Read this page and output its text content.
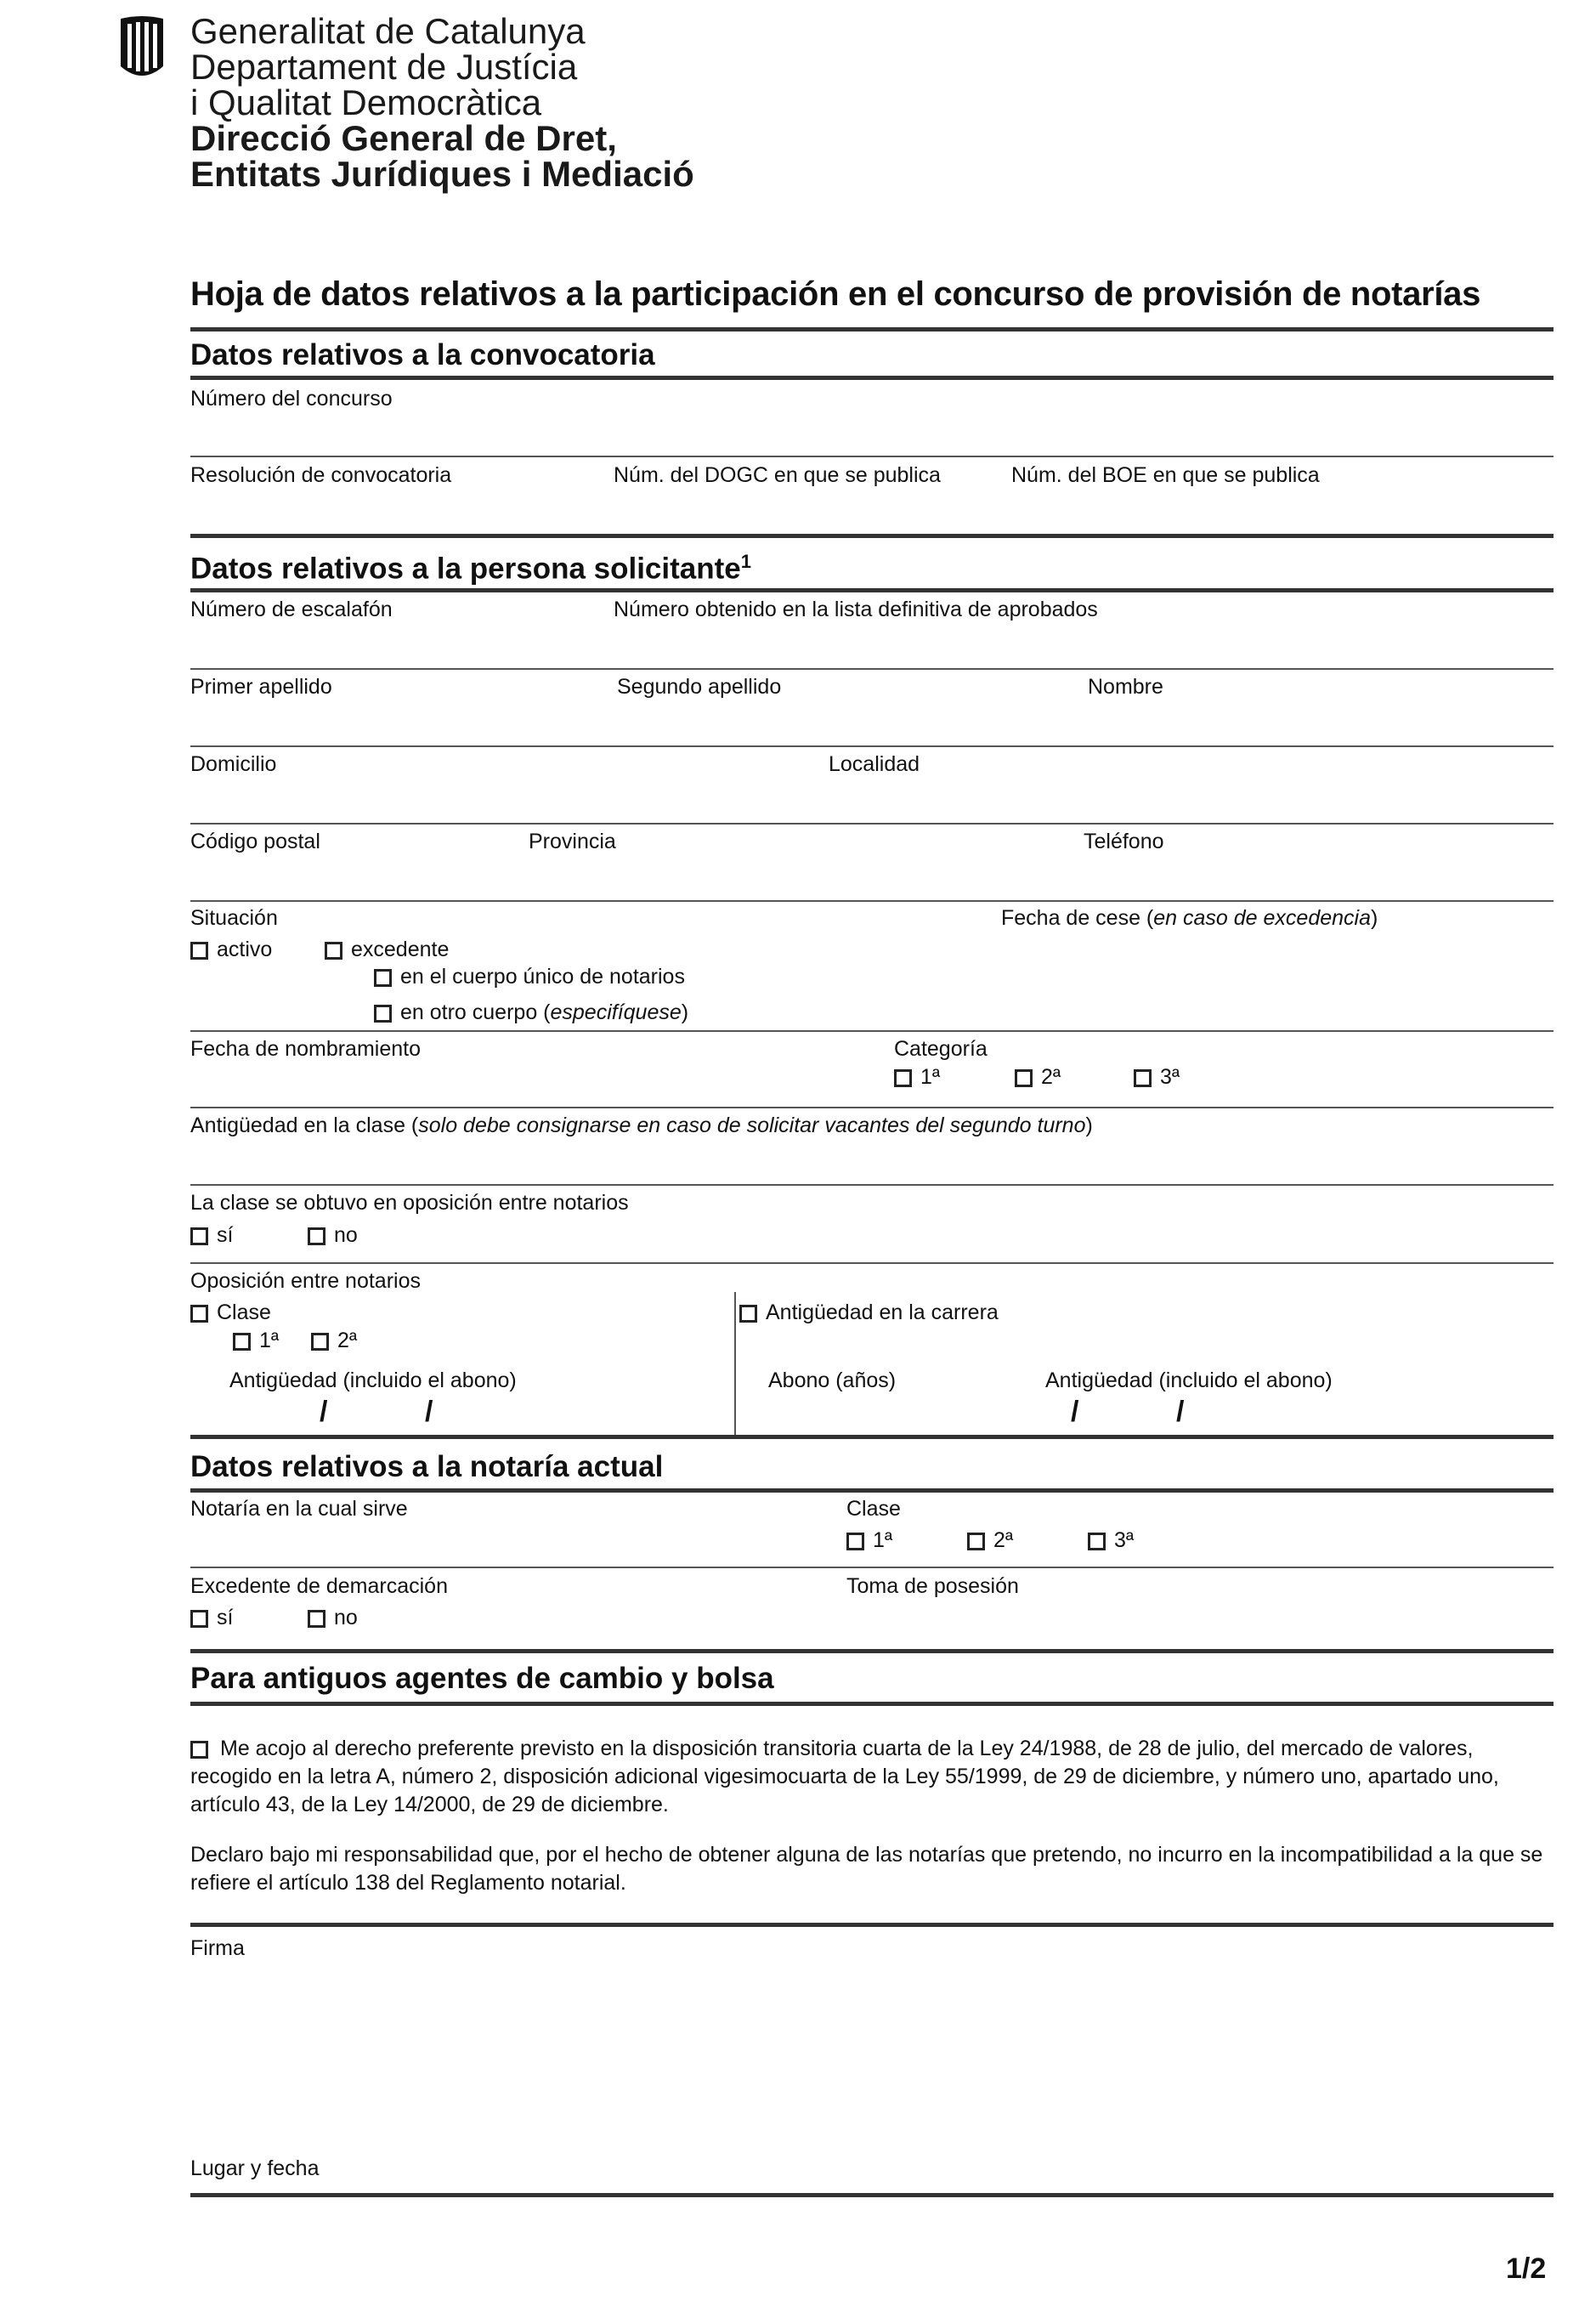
Generalitat de Catalunya
Departament de Justícia
i Qualitat Democràtica
Direcció General de Dret,
Entitats Jurídiques i Mediació
Hoja de datos relativos a la participación en el concurso de provisión de notarías
Datos relativos a la convocatoria
Número del concurso
Resolución de convocatoria	Núm. del DOGC en que se publica	Núm. del BOE en que se publica
Datos relativos a la persona solicitante$^1$
Número de escalafón	Número obtenido en la lista definitiva de aprobados
Primer apellido	Segundo apellido	Nombre
Domicilio	Localidad
Código postal	Provincia	Teléfono
Situación	Fecha de cese (en caso de excedencia)
activo	excedente
en el cuerpo único de notarios
en otro cuerpo (especifíquese)
Fecha de nombramiento	Categoría
1ª	2ª	3ª
Antigüedad en la clase (solo debe consignarse en caso de solicitar vacantes del segundo turno)
La clase se obtuvo en oposición entre notarios
sí	no
Oposición entre notarios
Clase
1ª	2ª
Antigüedad (incluido el abono)
/	/
Antigüedad en la carrera
Abono (años)	Antigüedad (incluido el abono)
/	/
Datos relativos a la notaría actual
Notaría en la cual sirve	Clase
1ª	2ª	3ª
Excedente de demarcación	Toma de posesión
sí	no
Para antiguos agentes de cambio y bolsa
Me acojo al derecho preferente previsto en la disposición transitoria cuarta de la Ley 24/1988, de 28 de julio, del mercado de valores, recogido en la letra A, número 2, disposición adicional vigesimocuarta de la Ley 55/1999, de 29 de diciembre, y número uno, apartado uno, artículo 43, de la Ley 14/2000, de 29 de diciembre.
Declaro bajo mi responsabilidad que, por el hecho de obtener alguna de las notarías que pretendo, no incurro en la incompatibilidad a la que se refiere el artículo 138 del Reglamento notarial.
Firma
Lugar y fecha
1/2
